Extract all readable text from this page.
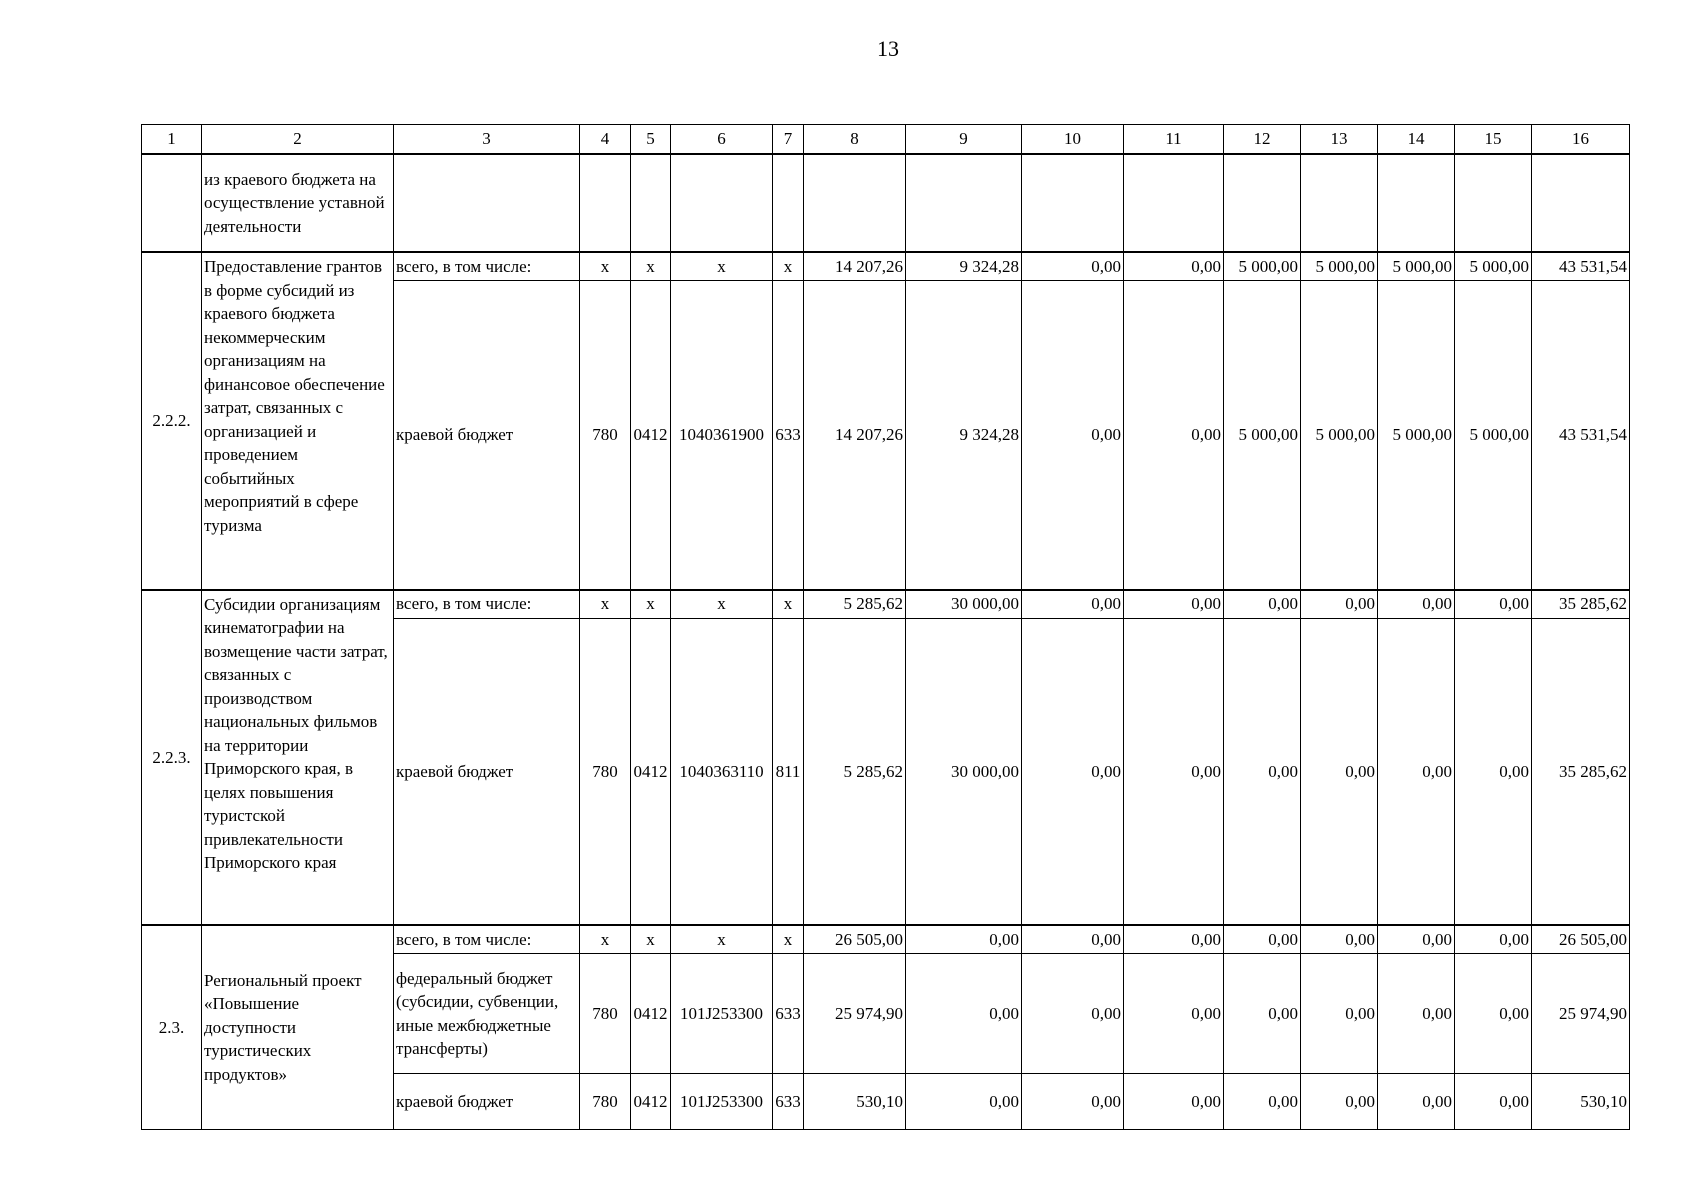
13
1	2	3	4	5	6	7	8	9	10	11	12	13	14	15	16
	из краевого бюджета на осуществление уставной деятельности														
2.2.2.	Предоставление грантов в форме субсидий из краевого бюджета некоммерческим организациям на финансовое обеспечение затрат, связанных с организацией и проведением событийных мероприятий в сфере туризма	всего, в том числе:	х	х	х	х	14 207,26	9 324,28	0,00	0,00	5 000,00	5 000,00	5 000,00	5 000,00	43 531,54
		краевой бюджет	780	0412	1040361900	633	14 207,26	9 324,28	0,00	0,00	5 000,00	5 000,00	5 000,00	5 000,00	43 531,54
2.2.3.	Субсидии организациям кинематографии на возмещение части затрат, связанных с производством национальных фильмов на территории Приморского края, в целях повышения туристской привлекательности Приморского края	всего, в том числе:	х	х	х	х	5 285,62	30 000,00	0,00	0,00	0,00	0,00	0,00	0,00	35 285,62
		краевой бюджет	780	0412	1040363110	811	5 285,62	30 000,00	0,00	0,00	0,00	0,00	0,00	0,00	35 285,62
2.3.	Региональный проект «Повышение доступности туристических продуктов»	всего, в том числе:	х	х	х	х	26 505,00	0,00	0,00	0,00	0,00	0,00	0,00	0,00	26 505,00
		федеральный бюджет (субсидии, субвенции, иные межбюджетные трансферты)	780	0412	101J253300	633	25 974,90	0,00	0,00	0,00	0,00	0,00	0,00	0,00	25 974,90
		краевой бюджет	780	0412	101J253300	633	530,10	0,00	0,00	0,00	0,00	0,00	0,00	0,00	530,10
